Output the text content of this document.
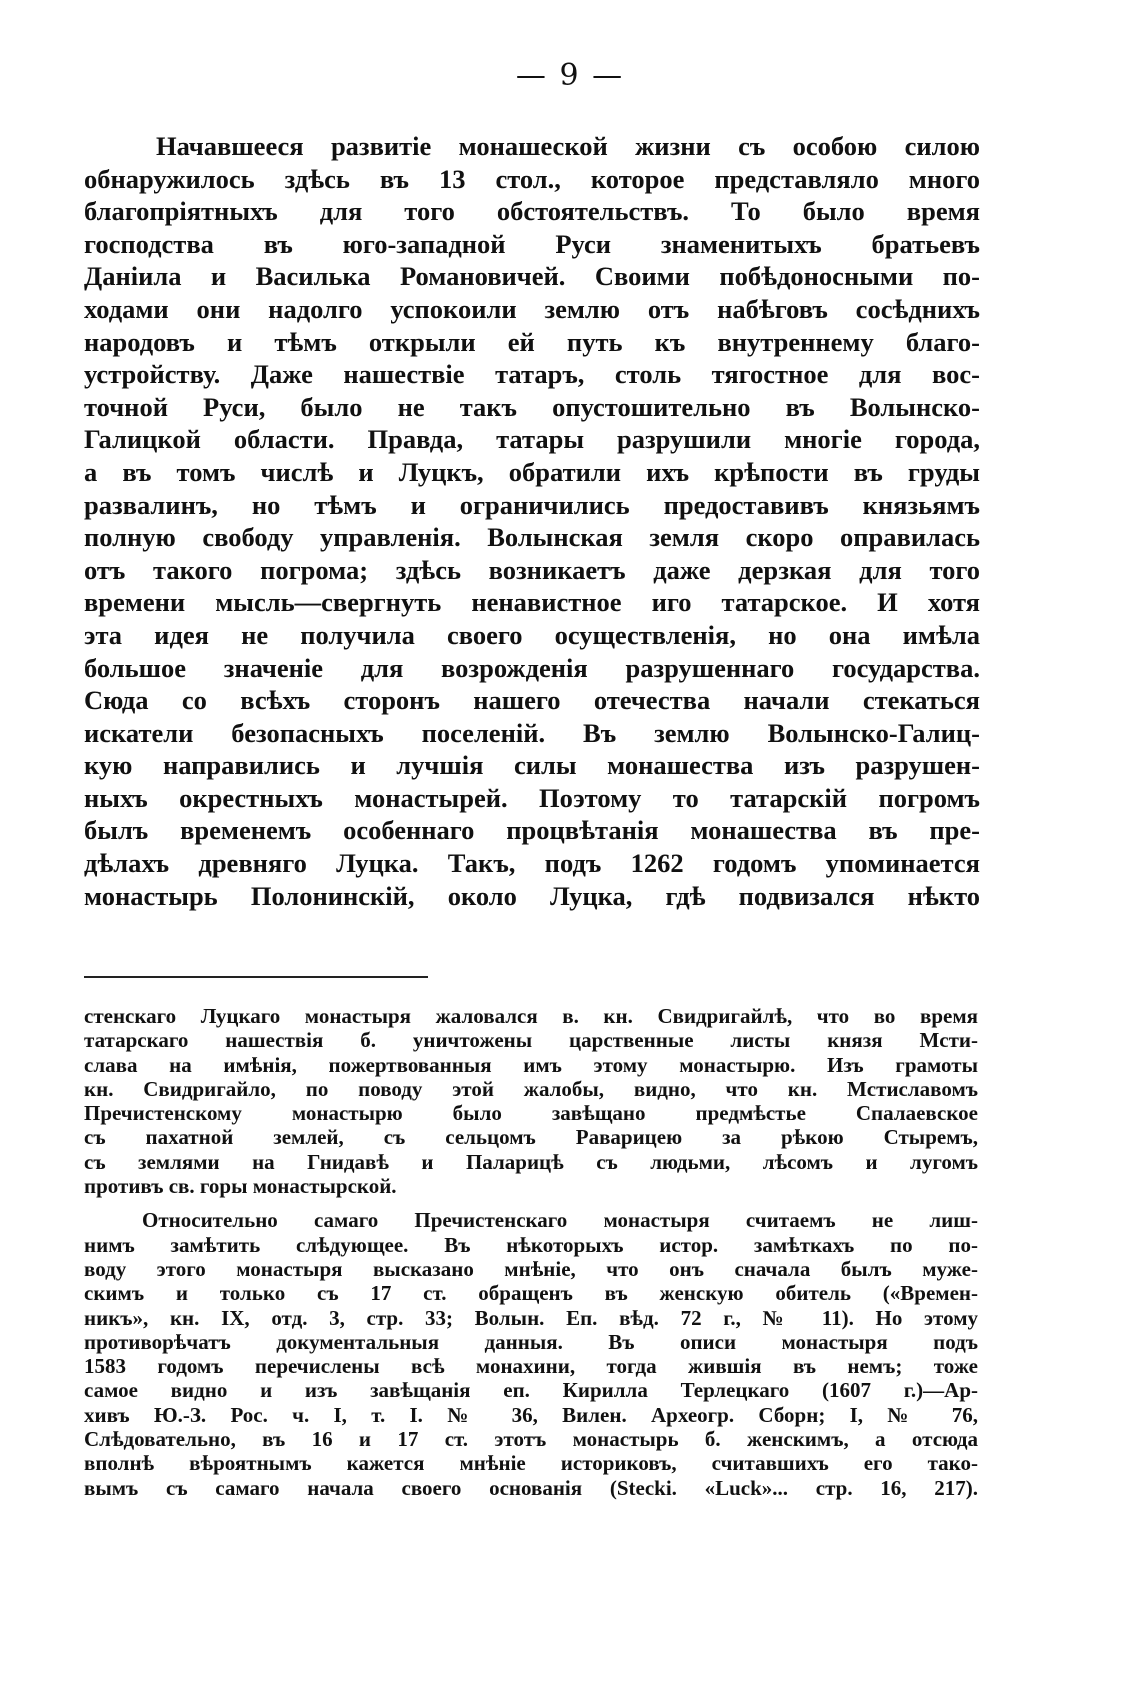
— 9 —
Начавшееся развитіе монашеской жизни съ особою силою
обнаружилось здѣсь въ 13 стол., которое представляло много
благопріятныхъ для того обстоятельствъ. То было время
господства въ юго-западной Руси знаменитыхъ братьевъ
Даніила и Василька Романовичей. Своими побѣдоносными по-
ходами они надолго успокоили землю отъ набѣговъ сосѣднихъ
народовъ и тѣмъ открыли ей путь къ внутреннему благо-
устройству. Даже нашествіе татаръ, столь тягостное для вос-
точной Руси, было не такъ опустошительно въ Волынско-
Галицкой области. Правда, татары разрушили многіе города,
а въ томъ числѣ и Луцкъ, обратили ихъ крѣпости въ груды
развалинъ, но тѣмъ и ограничились предоставивъ князьямъ
полную свободу управленія. Волынская земля скоро оправилась
отъ такого погрома; здѣсь возникаетъ даже дерзкая для того
времени мысль—свергнуть ненавистное иго татарское. И хотя
эта идея не получила своего осуществленія, но она имѣла
большое значеніе для возрожденія разрушеннаго государства.
Сюда со всѣхъ сторонъ нашего отечества начали стекаться
искатели безопасныхъ поселеній. Въ землю Волынско-Галиц-
кую направились и лучшія силы монашества изъ разрушен-
ныхъ окрестныхъ монастырей. Поэтому то татарскій погромъ
былъ временемъ особеннаго процвѣтанія монашества въ пре-
дѣлахъ древняго Луцка. Такъ, подъ 1262 годомъ упоминается
монастырь Полонинскій, около Луцка, гдѣ подвизался нѣкто
стенскаго Луцкаго монастыря жаловался в. кн. Свидригайлѣ, что во время
татарскаго нашествія б. уничтожены царственные листы князя Мсти-
слава на имѣнія, пожертвованныя имъ этому монастырю. Изъ грамоты
кн. Свидригайло, по поводу этой жалобы, видно, что кн. Мстиславомъ
Пречистенскому монастырю было завѣщано предмѣстье Спалаевское
съ пахатной землей, съ сельцомъ Раварицею за рѣкою Стыремъ,
съ землями на Гнидавѣ и Паларицѣ съ людьми, лѣсомъ и лугомъ
противъ св. горы монастырской.
Относительно самаго Пречистенскаго монастыря считаемъ не лиш-
нимъ замѣтить слѣдующее. Въ нѣкоторыхъ истор. замѣткахъ по по-
воду этого монастыря высказано мнѣніе, что онъ сначала былъ муже-
скимъ и только съ 17 ст. обращенъ въ женскую обитель («Времен-
никъ», кн. IX, отд. 3, стр. 33; Волын. Еп. вѣд. 72 г., № 11). Но этому
противорѣчатъ документальныя данныя. Въ описи монастыря подъ
1583 годомъ перечислены всѣ монахини, тогда жившія въ немъ; тоже
самое видно и изъ завѣщанія еп. Кирилла Терлецкаго (1607 г.)—Ар-
хивъ Ю.-З. Рос. ч. I, т. I. № 36, Вилен. Археогр. Сборн; I, № 76,
Слѣдовательно, въ 16 и 17 ст. этотъ монастырь б. женскимъ, а отсюда
вполнѣ вѣроятнымъ кажется мнѣніе историковъ, считавшихъ его тако-
вымъ съ самаго начала своего основанія (Stecki. «Luck»... стр. 16, 217).
